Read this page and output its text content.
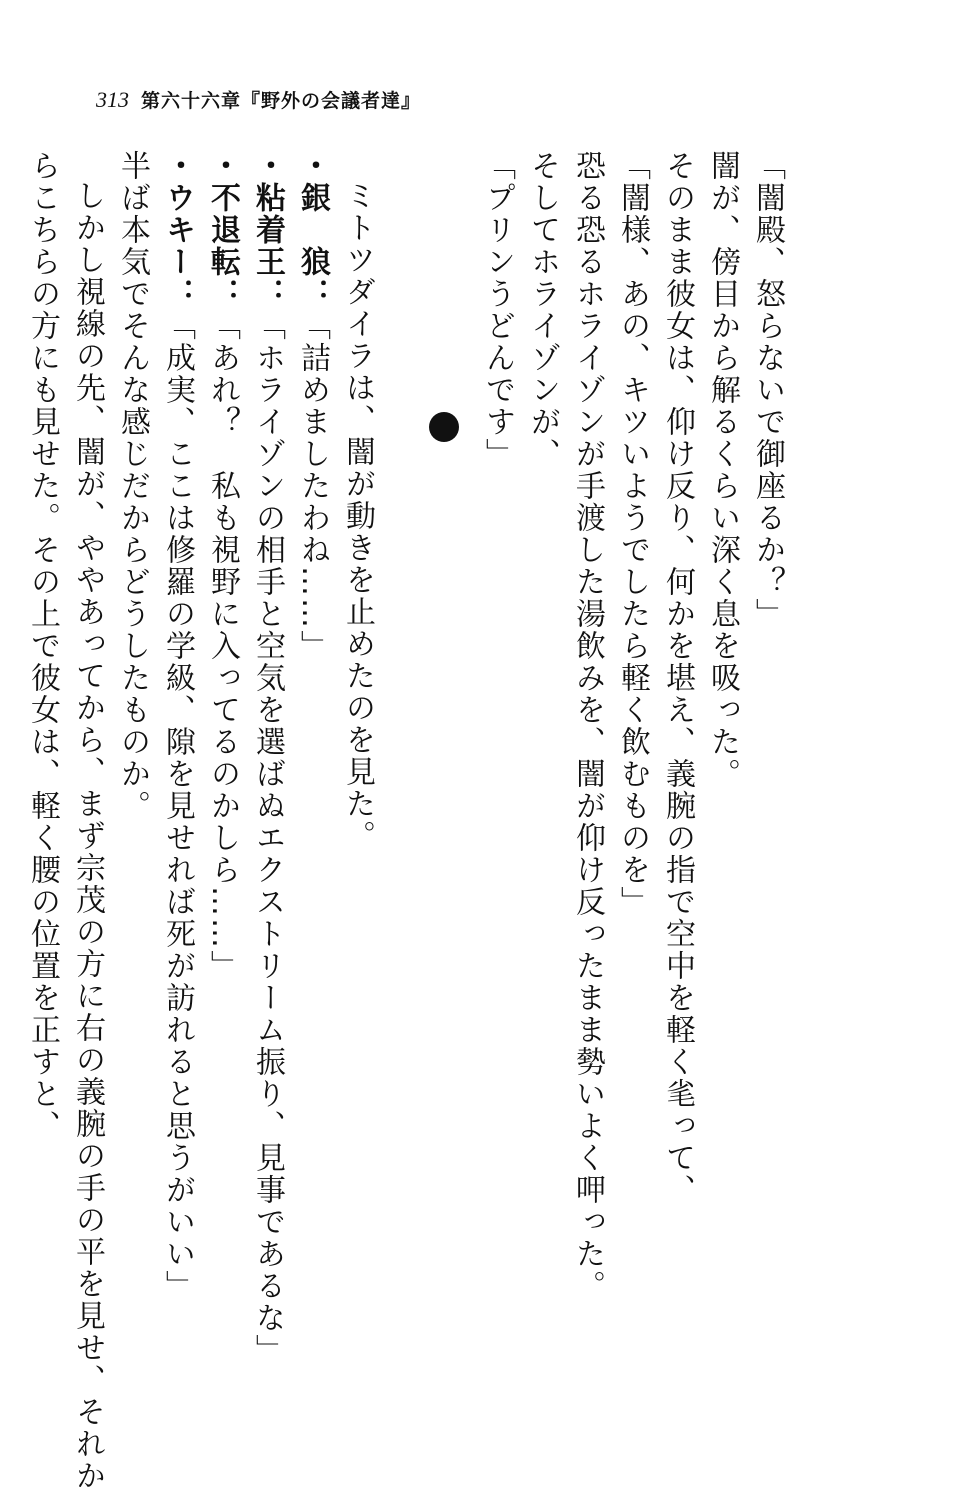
313 第六十六章『野外の会議者達』
「闇殿、怒らないで御座るか？」
闇が、傍目から解るくらい深く息を吸った。
そのまま彼女は、仰け反り、何かを堪え、義腕の指で空中を軽く毟って、
「闇様、あの、キツいようでしたら軽く飲むものを」
恐る恐るホライゾンが手渡した湯飲みを、闇が仰け反ったまま勢いよく呷った。
そしてホライゾンが、
「プリンうどんです」
ミトツダイラは、闇が動きを止めたのを見た。
・銀　狼：「詰めましたわね……」
・粘着王：「ホライゾンの相手と空気を選ばぬエクストリーム振り、見事であるな」
・不退転：「あれ？　私も視野に入ってるのかしら……」
・ウキー：「成実、ここは修羅の学級、隙を見せれば死が訪れると思うがいい」
半ば本気でそんな感じだからどうしたものか。
しかし視線の先、闇が、ややあってから、まず宗茂の方に右の義腕の手の平を見せ、それか
らこちらの方にも見せた。その上で彼女は、軽く腰の位置を正すと、
